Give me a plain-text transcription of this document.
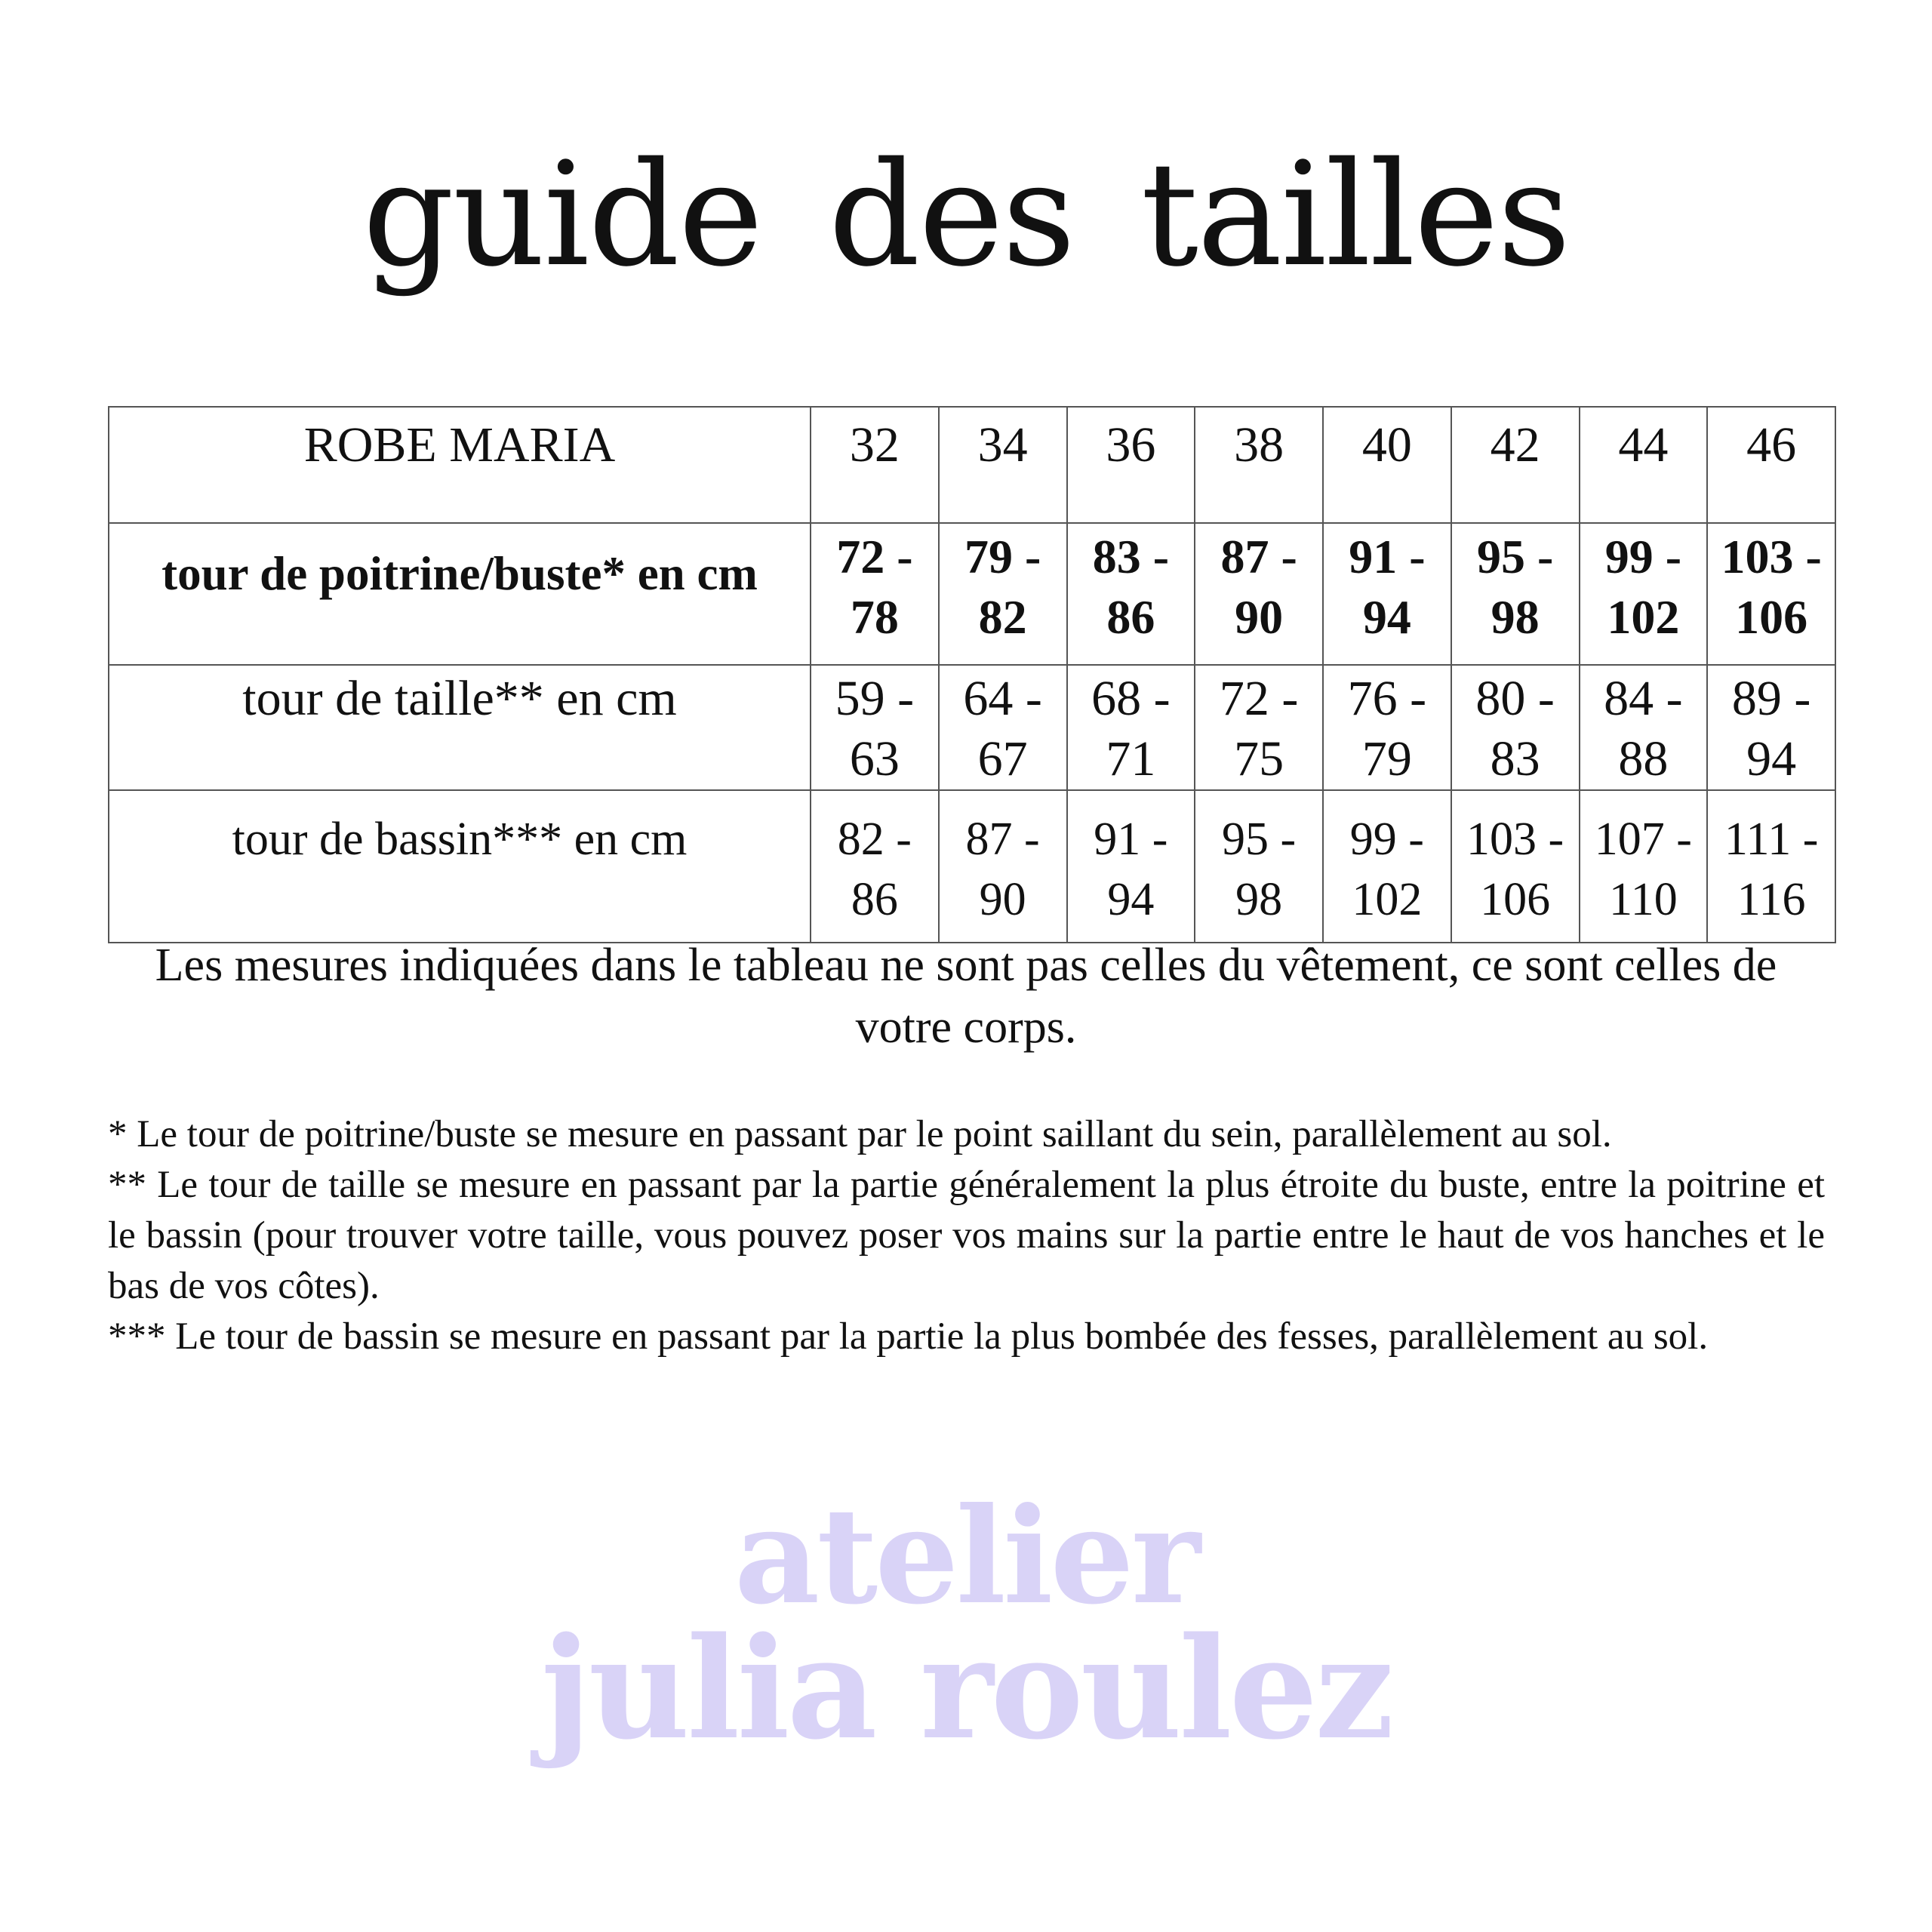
guide des tailles
ROBE MARIA	32	34	36	38	40	42	44	46
tour de poitrine/buste* en cm	72 - 78	79 - 82	83 - 86	87 - 90	91 - 94	95 - 98	99 - 102	103 - 106
tour de taille** en cm	59 - 63	64 - 67	68 - 71	72 - 75	76 - 79	80 - 83	84 - 88	89 - 94
tour de bassin*** en cm	82 - 86	87 - 90	91 - 94	95 - 98	99 - 102	103 - 106	107 - 110	111 - 116
Les mesures indiquées dans le tableau ne sont pas celles du vêtement, ce sont celles de votre corps.

* Le tour de poitrine/buste se mesure en passant par le point saillant du sein, parallèlement au sol.

** Le tour de taille se mesure en passant par la partie généralement la plus étroite du buste, entre la poitrine et le bassin (pour trouver votre taille, vous pouvez poser vos mains sur la partie entre le haut de vos hanches et le bas de vos côtes).

*** Le tour de bassin se mesure en passant par la partie la plus bombée des fesses, parallèlement au sol.

atelier
julia roulez
